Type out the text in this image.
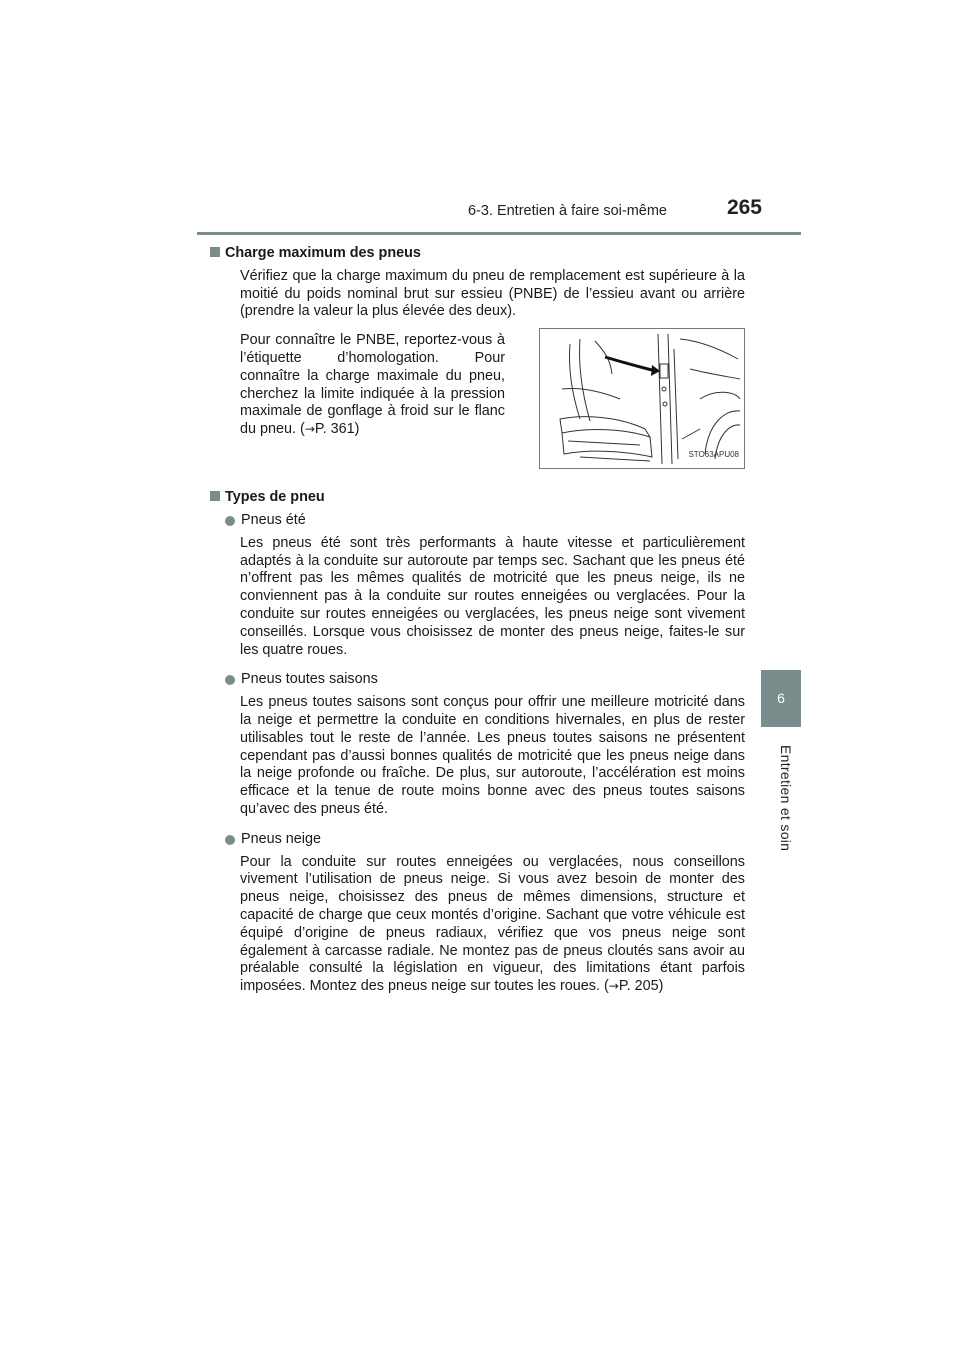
6-3. Entretien à faire soi-même	265
6
Entretien et soin
Charge maximum des pneus

Vérifiez que la charge maximum du pneu de remplacement est supérieure à la moitié du poids nominal brut sur essieu (PNBE) de l’essieu avant ou arrière (prendre la valeur la plus élevée des deux).

Pour connaître le PNBE, reportez-vous à l’étiquette d’homologation. Pour connaître la charge maximale du pneu, cherchez la limite indiquée à la pression maximale de gonflage à froid sur le flanc du pneu. (→P. 361)

STO63APU08
Types de pneu
Pneus été

Les pneus été sont très performants à haute vitesse et particulièrement adaptés à la conduite sur autoroute par temps sec. Sachant que les pneus été n’offrent pas les mêmes qualités de motricité que les pneus neige, ils ne conviennent pas à la conduite sur routes enneigées ou verglacées. Pour la conduite sur routes enneigées ou verglacées, les pneus neige sont vivement conseillés. Lorsque vous choisissez de monter des pneus neige, faites-le sur les quatre roues.

Pneus toutes saisons

Les pneus toutes saisons sont conçus pour offrir une meilleure motricité dans la neige et permettre la conduite en conditions hivernales, en plus de rester utilisables tout le reste de l’année. Les pneus toutes saisons ne présentent cependant pas d’aussi bonnes qualités de motricité que les pneus neige dans la neige profonde ou fraîche. De plus, sur autoroute, l’accélération est moins efficace et la tenue de route moins bonne avec des pneus toutes saisons qu’avec des pneus été.

Pneus neige

Pour la conduite sur routes enneigées ou verglacées, nous conseillons vivement l’utilisation de pneus neige. Si vous avez besoin de monter des pneus neige, choisissez des pneus de mêmes dimensions, structure et capacité de charge que ceux montés d’origine. Sachant que votre véhicule est équipé d’origine de pneus radiaux, vérifiez que vos pneus neige sont également à carcasse radiale. Ne montez pas de pneus cloutés sans avoir au préalable consulté la législation en vigueur, des limitations étant parfois imposées. Montez des pneus neige sur toutes les roues. (→P. 205)
